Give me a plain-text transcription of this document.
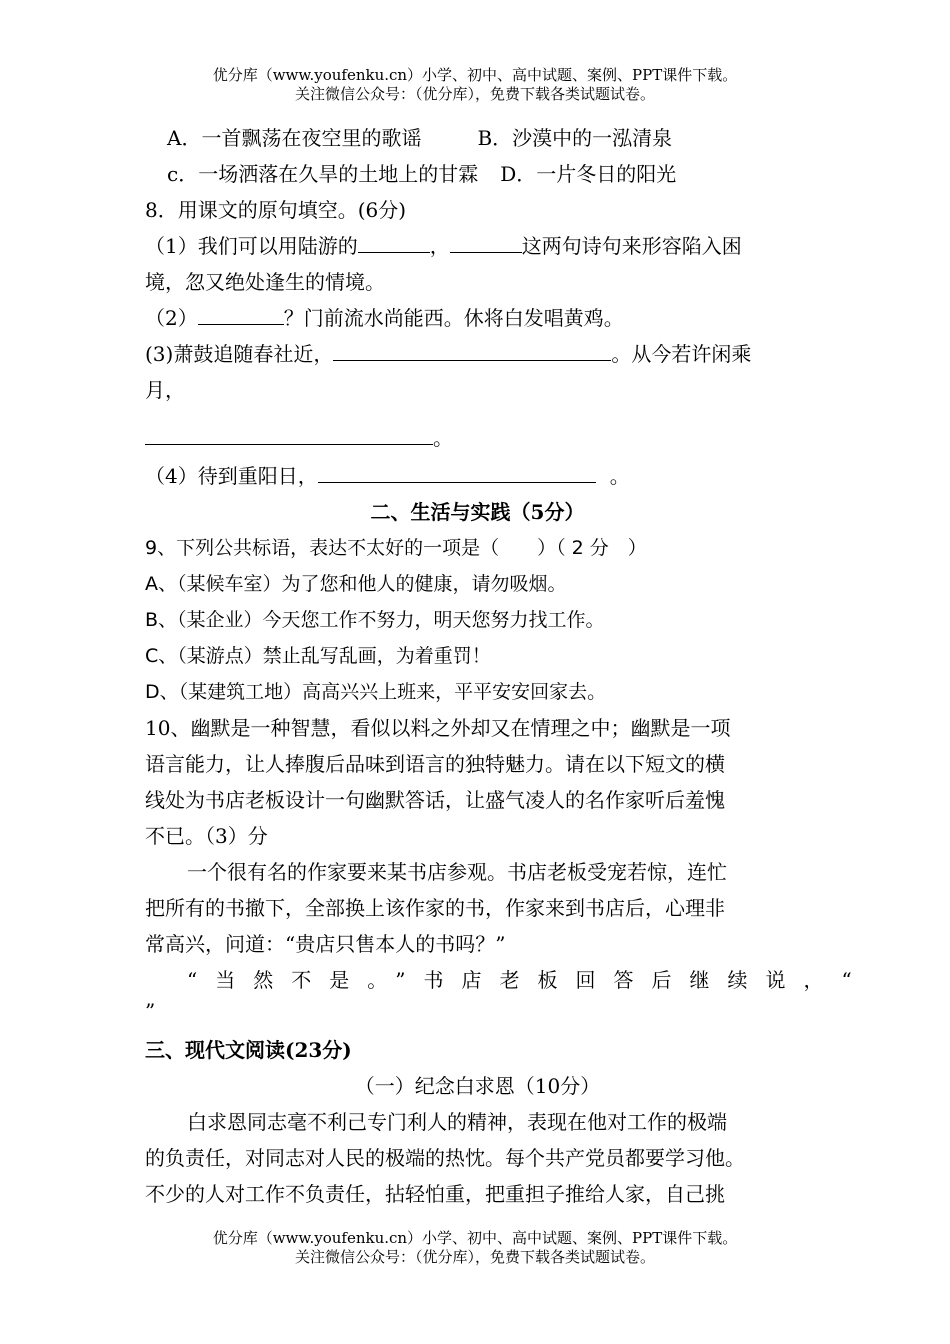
优分库（www.youfenku.cn）小学、初中、高中试题、案例、PPT课件下载。
关注微信公众号：（优分库），免费下载各类试题试卷。
A．一首飘荡在夜空里的歌谣	B．沙漠中的一泓清泉
c．一场洒落在久旱的土地上的甘霖 D．一片冬日的阳光
8．用课文的原句填空。(6分)
（1）我们可以用陆游的	，	这两句诗句来形容陷入困
境，忽又绝处逢生的情境。
（2）	？门前流水尚能西。休将白发唱黄鸡。
(3)萧鼓追随春社近，	。从今若许闲乘
月，
。
（4）待到重阳日，	。
二、生活与实践（5分）
9、下列公共标语，表达不太好的一项是（　　）（ 2 分　）
A、（某候车室）为了您和他人的健康，请勿吸烟。
B、（某企业）今天您工作不努力，明天您努力找工作。
C、（某游点）禁止乱写乱画，为着重罚！
D、（某建筑工地）高高兴兴上班来，平平安安回家去。
10、幽默是一种智慧，看似以料之外却又在情理之中；幽默是一项
语言能力，让人捧腹后品味到语言的独特魅力。请在以下短文的横
线处为书店老板设计一句幽默答话，让盛气凌人的名作家听后羞愧
不已。（3）分
一个很有名的作家要来某书店参观。书店老板受宠若惊，连忙
把所有的书撤下，全部换上该作家的书，作家来到书店后，心理非
常高兴，问道：“贵店只售本人的书吗？”
“当然不是。”书店老板回答后继续说，“
”
三、现代文阅读(23分)
（一）纪念白求恩（10分）
白求恩同志毫不利己专门利人的精神，表现在他对工作的极端
的负责任，对同志对人民的极端的热忱。每个共产党员都要学习他。
不少的人对工作不负责任，拈轻怕重，把重担子推给人家，自己挑
优分库（www.youfenku.cn）小学、初中、高中试题、案例、PPT课件下载。
关注微信公众号：（优分库），免费下载各类试题试卷。
